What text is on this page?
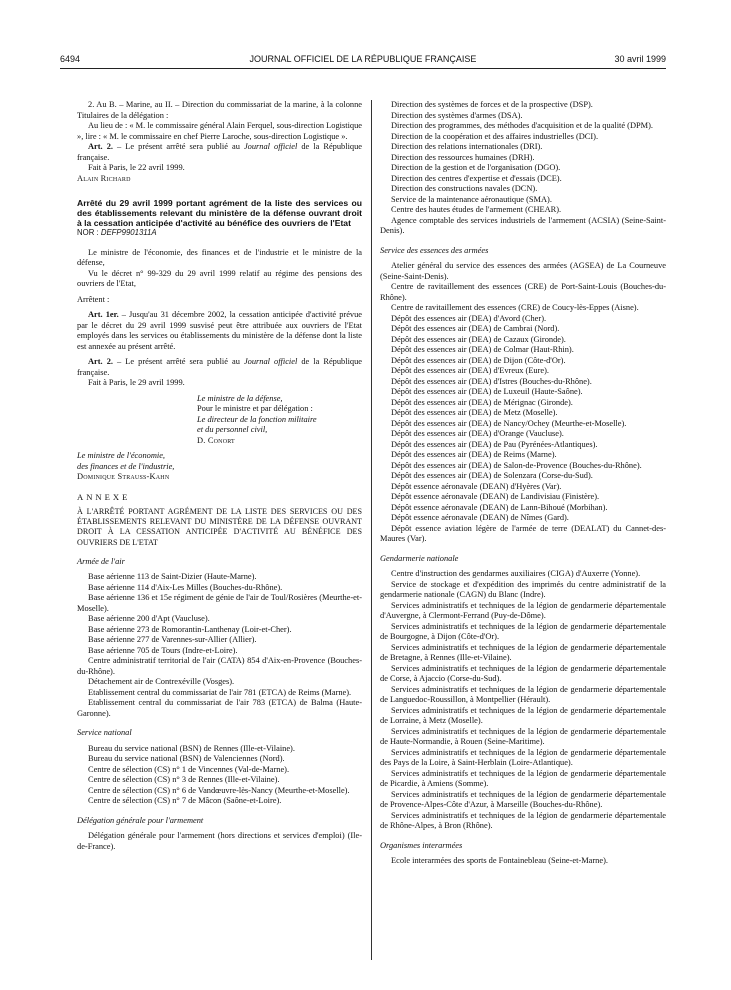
6494	JOURNAL OFFICIEL DE LA RÉPUBLIQUE FRANÇAISE	30 avril 1999

2. Au B. – Marine, au II. – Direction du commissariat de la marine, à la colonne Titulaires de la délégation :

Au lieu de : « M. le commissaire général Alain Ferquel, sous-direction Logistique », lire : « M. le commissaire en chef Pierre Laroche, sous-direction Logistique ».

Art. 2. – Le présent arrêté sera publié au Journal officiel de la République française.

Fait à Paris, le 22 avril 1999.

Alain Richard

Arrêté du 29 avril 1999 portant agrément de la liste des services ou des établissements relevant du ministère de la défense ouvrant droit à la cessation anticipée d'activité au bénéfice des ouvriers de l'Etat

NOR : DEFP9901311A

Le ministre de l'économie, des finances et de l'industrie et le ministre de la défense,

Vu le décret n° 99-329 du 29 avril 1999 relatif au régime des pensions des ouvriers de l'Etat,

Arrêtent :

Art. 1er. – Jusqu'au 31 décembre 2002, la cessation anticipée d'activité prévue par le décret du 29 avril 1999 susvisé peut être attribuée aux ouvriers de l'Etat employés dans les services ou établissements du ministère de la défense dont la liste est annexée au présent arrêté.

Art. 2. – Le présent arrêté sera publié au Journal officiel de la République française.

Fait à Paris, le 29 avril 1999.

Le ministre de la défense,

Pour le ministre et par délégation :

Le directeur de la fonction militaire

et du personnel civil,

D. Conort

Le ministre de l'économie,

des finances et de l'industrie,

Dominique Strauss-Kahn

ANNEXE

À L'ARRÊTÉ PORTANT AGRÉMENT DE LA LISTE DES SERVICES OU DES ÉTABLISSEMENTS RELEVANT DU MINISTÈRE DE LA DÉFENSE OUVRANT DROIT À LA CESSATION ANTICIPÉE D'ACTIVITÉ AU BÉNÉFICE DES OUVRIERS DE L'ETAT

Armée de l'air

Base aérienne 113 de Saint-Dizier (Haute-Marne).

Base aérienne 114 d'Aix-Les Milles (Bouches-du-Rhône).

Base aérienne 136 et 15e régiment de génie de l'air de Toul/Rosières (Meurthe-et-Moselle).

Base aérienne 200 d'Apt (Vaucluse).

Base aérienne 273 de Romorantin-Lanthenay (Loir-et-Cher).

Base aérienne 277 de Varennes-sur-Allier (Allier).

Base aérienne 705 de Tours (Indre-et-Loire).

Centre administratif territorial de l'air (CATA) 854 d'Aix-en-Provence (Bouches-du-Rhône).

Détachement air de Contrexéville (Vosges).

Etablissement central du commissariat de l'air 781 (ETCA) de Reims (Marne).

Etablissement central du commissariat de l'air 783 (ETCA) de Balma (Haute-Garonne).

Service national

Bureau du service national (BSN) de Rennes (Ille-et-Vilaine).

Bureau du service national (BSN) de Valenciennes (Nord).

Centre de sélection (CS) n° 1 de Vincennes (Val-de-Marne).

Centre de sélection (CS) n° 3 de Rennes (Ille-et-Vilaine).

Centre de sélection (CS) n° 6 de Vandœuvre-lès-Nancy (Meurthe-et-Moselle).

Centre de sélection (CS) n° 7 de Mâcon (Saône-et-Loire).

Délégation générale pour l'armement

Délégation générale pour l'armement (hors directions et services d'emploi) (Ile-de-France).

Direction des systèmes de forces et de la prospective (DSP).

Direction des systèmes d'armes (DSA).

Direction des programmes, des méthodes d'acquisition et de la qualité (DPM).

Direction de la coopération et des affaires industrielles (DCI).

Direction des relations internationales (DRI).

Direction des ressources humaines (DRH).

Direction de la gestion et de l'organisation (DGO).

Direction des centres d'expertise et d'essais (DCE).

Direction des constructions navales (DCN).

Service de la maintenance aéronautique (SMA).

Centre des hautes études de l'armement (CHEAR).

Agence comptable des services industriels de l'armement (ACSIA) (Seine-Saint-Denis).

Service des essences des armées

Atelier général du service des essences des armées (AGSEA) de La Courneuve (Seine-Saint-Denis).

Centre de ravitaillement des essences (CRE) de Port-Saint-Louis (Bouches-du-Rhône).

Centre de ravitaillement des essences (CRE) de Coucy-lès-Eppes (Aisne).

Dépôt des essences air (DEA) d'Avord (Cher).

Dépôt des essences air (DEA) de Cambrai (Nord).

Dépôt des essences air (DEA) de Cazaux (Gironde).

Dépôt des essences air (DEA) de Colmar (Haut-Rhin).

Dépôt des essences air (DEA) de Dijon (Côte-d'Or).

Dépôt des essences air (DEA) d'Evreux (Eure).

Dépôt des essences air (DEA) d'Istres (Bouches-du-Rhône).

Dépôt des essences air (DEA) de Luxeuil (Haute-Saône).

Dépôt des essences air (DEA) de Mérignac (Gironde).

Dépôt des essences air (DEA) de Metz (Moselle).

Dépôt des essences air (DEA) de Nancy/Ochey (Meurthe-et-Moselle).

Dépôt des essences air (DEA) d'Orange (Vaucluse).

Dépôt des essences air (DEA) de Pau (Pyrénées-Atlantiques).

Dépôt des essences air (DEA) de Reims (Marne).

Dépôt des essences air (DEA) de Salon-de-Provence (Bouches-du-Rhône).

Dépôt des essences air (DEA) de Solenzara (Corse-du-Sud).

Dépôt essence aéronavale (DEAN) d'Hyères (Var).

Dépôt essence aéronavale (DEAN) de Landivisiau (Finistère).

Dépôt essence aéronavale (DEAN) de Lann-Bihoué (Morbihan).

Dépôt essence aéronavale (DEAN) de Nîmes (Gard).

Dépôt essence aviation légère de l'armée de terre (DEALAT) du Cannet-des-Maures (Var).

Gendarmerie nationale

Centre d'instruction des gendarmes auxiliaires (CIGA) d'Auxerre (Yonne).

Service de stockage et d'expédition des imprimés du centre administratif de la gendarmerie nationale (CAGN) du Blanc (Indre).

Services administratifs et techniques de la légion de gendarmerie départementale d'Auvergne, à Clermont-Ferrand (Puy-de-Dôme).

Services administratifs et techniques de la légion de gendarmerie départementale de Bourgogne, à Dijon (Côte-d'Or).

Services administratifs et techniques de la légion de gendarmerie départementale de Bretagne, à Rennes (Ille-et-Vilaine).

Services administratifs et techniques de la légion de gendarmerie départementale de Corse, à Ajaccio (Corse-du-Sud).

Services administratifs et techniques de la légion de gendarmerie départementale de Languedoc-Roussillon, à Montpellier (Hérault).

Services administratifs et techniques de la légion de gendarmerie départementale de Lorraine, à Metz (Moselle).

Services administratifs et techniques de la légion de gendarmerie départementale de Haute-Normandie, à Rouen (Seine-Maritime).

Services administratifs et techniques de la légion de gendarmerie départementale des Pays de la Loire, à Saint-Herblain (Loire-Atlantique).

Services administratifs et techniques de la légion de gendarmerie départementale de Picardie, à Amiens (Somme).

Services administratifs et techniques de la légion de gendarmerie départementale de Provence-Alpes-Côte d'Azur, à Marseille (Bouches-du-Rhône).

Services administratifs et techniques de la légion de gendarmerie départementale de Rhône-Alpes, à Bron (Rhône).

Organismes interarmées

Ecole interarmées des sports de Fontainebleau (Seine-et-Marne).
